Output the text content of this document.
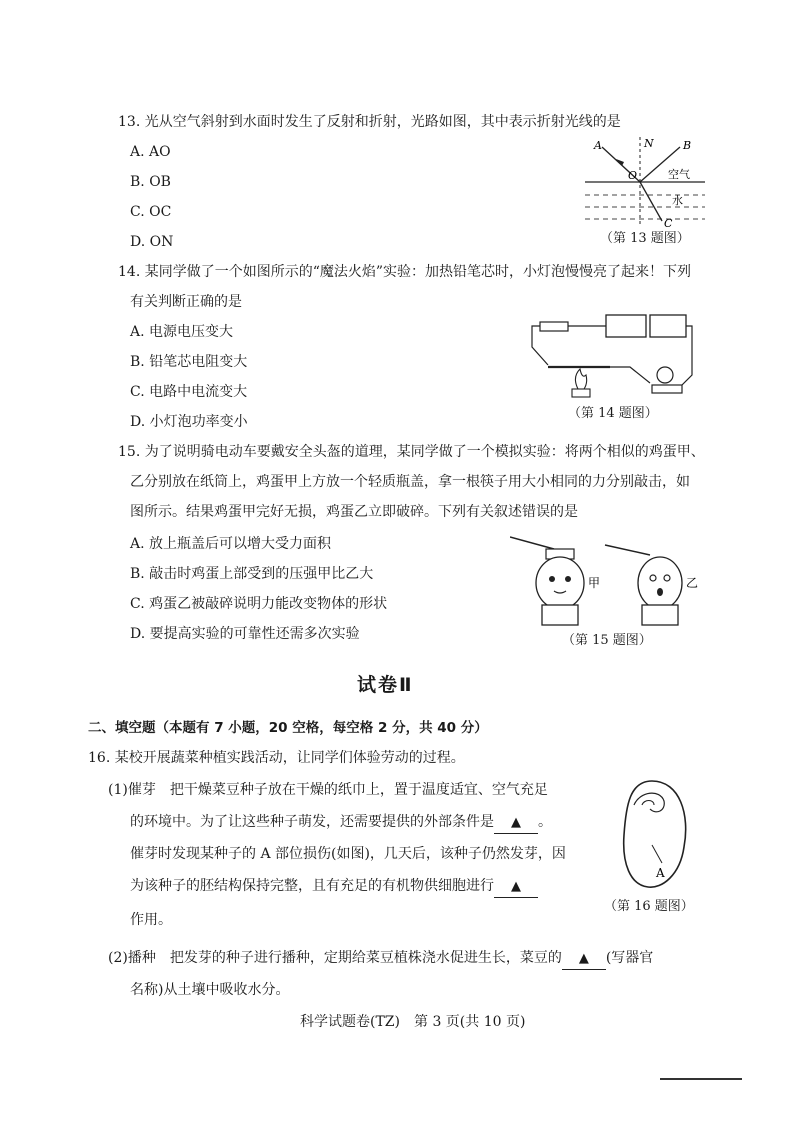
13. 光从空气斜射到水面时发生了反射和折射，光路如图，其中表示折射光线的是
A. AO
B. OB
C. OC
D. ON
A	N	B
O
C
空气
水
（第 13 题图）
14. 某同学做了一个如图所示的“魔法火焰”实验：加热铅笔芯时，小灯泡慢慢亮了起来！下列
有关判断正确的是
A. 电源电压变大
B. 铅笔芯电阻变大
C. 电路中电流变大
D. 小灯泡功率变小
（第 14 题图）
15. 为了说明骑电动车要戴安全头盔的道理，某同学做了一个模拟实验：将两个相似的鸡蛋甲、
乙分别放在纸筒上，鸡蛋甲上方放一个轻质瓶盖，拿一根筷子用大小相同的力分别敲击，如
图所示。结果鸡蛋甲完好无损，鸡蛋乙立即破碎。下列有关叙述错误的是
A. 放上瓶盖后可以增大受力面积
B. 敲击时鸡蛋上部受到的压强甲比乙大
C. 鸡蛋乙被敲碎说明力能改变物体的形状
D. 要提高实验的可靠性还需多次实验
甲	乙
（第 15 题图）
试卷Ⅱ
二、填空题（本题有 7 小题，20 空格，每空格 2 分，共 40 分）
16. 某校开展蔬菜种植实践活动，让同学们体验劳动的过程。
(1)催芽　把干燥菜豆种子放在干燥的纸巾上，置于温度适宜、空气充足
的环境中。为了让这些种子萌发，还需要提供的外部条件是 ▲ 。
催芽时发现某种子的 A 部位损伤(如图)，几天后，该种子仍然发芽，因
为该种子的胚结构保持完整，且有充足的有机物供细胞进行 ▲
作用。
A
（第 16 题图）
(2)播种　把发芽的种子进行播种，定期给菜豆植株浇水促进生长，菜豆的 ▲ (写器官
名称)从土壤中吸收水分。
科学试题卷(TZ)　第 3 页(共 10 页)
